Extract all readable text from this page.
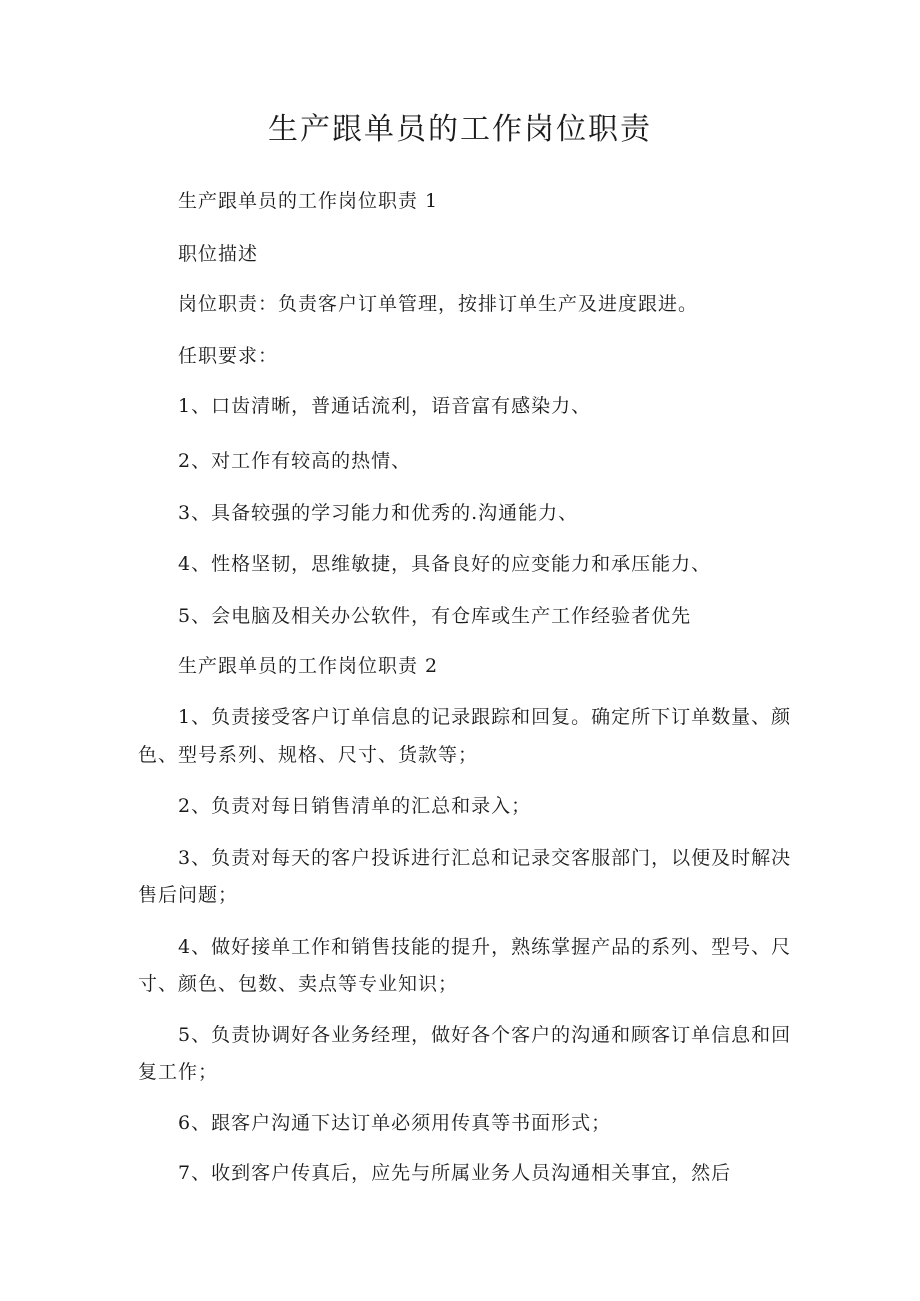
生产跟单员的工作岗位职责

生产跟单员的工作岗位职责 1

职位描述

岗位职责：负责客户订单管理，按排订单生产及进度跟进。

任职要求：

1、口齿清晰，普通话流利，语音富有感染力、

2、对工作有较高的热情、

3、具备较强的学习能力和优秀的.沟通能力、

4、性格坚韧，思维敏捷，具备良好的应变能力和承压能力、

5、会电脑及相关办公软件，有仓库或生产工作经验者优先

生产跟单员的工作岗位职责 2

1、负责接受客户订单信息的记录跟踪和回复。确定所下订单数量、颜

色、型号系列、规格、尺寸、货款等；

2、负责对每日销售清单的汇总和录入；

3、负责对每天的客户投诉进行汇总和记录交客服部门，以便及时解决

售后问题；

4、做好接单工作和销售技能的提升，熟练掌握产品的系列、型号、尺

寸、颜色、包数、卖点等专业知识；

5、负责协调好各业务经理，做好各个客户的沟通和顾客订单信息和回

复工作；

6、跟客户沟通下达订单必须用传真等书面形式；

7、收到客户传真后，应先与所属业务人员沟通相关事宜，然后
